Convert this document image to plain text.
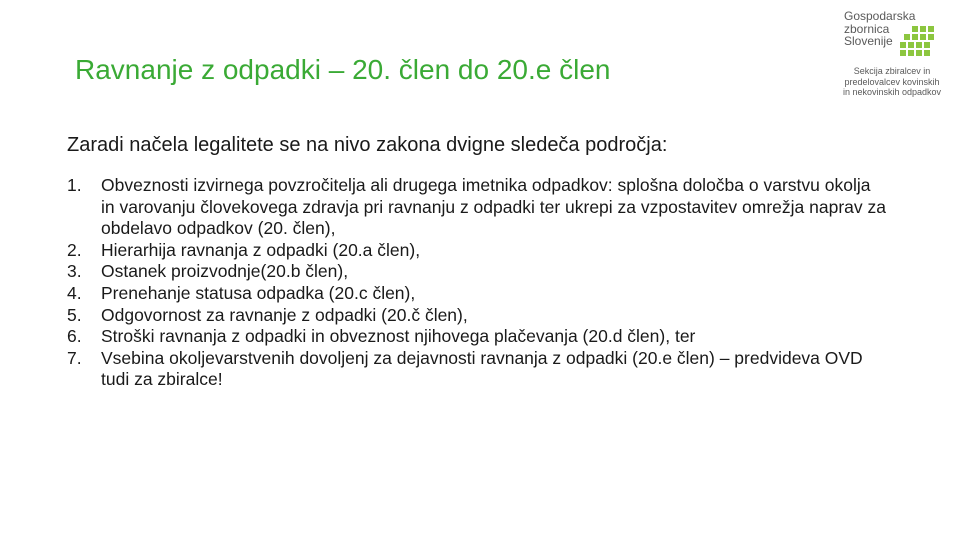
Ravnanje z odpadki – 20. člen do 20.e člen
Gospodarska
zbornica
Slovenije
Sekcija zbiralcev in
predelovalcev kovinskih
in nekovinskih odpadkov

Zaradi načela legalitete se na nivo zakona dvigne sledeča področja:

1. Obveznosti izvirnega povzročitelja ali drugega imetnika odpadkov: splošna določba o varstvu okolja in varovanju človekovega zdravja pri ravnanju z odpadki ter ukrepi za vzpostavitev omrežja naprav za obdelavo odpadkov (20. člen),
2. Hierarhija ravnanja z odpadki (20.a člen),
3. Ostanek proizvodnje(20.b člen),
4. Prenehanje statusa odpadka (20.c člen),
5. Odgovornost za ravnanje z odpadki (20.č člen),
6. Stroški ravnanja z odpadki in obveznost njihovega plačevanja (20.d člen), ter
7. Vsebina okoljevarstvenih dovoljenj za dejavnosti ravnanja z odpadki (20.e člen) – predvideva OVD tudi za zbiralce!
